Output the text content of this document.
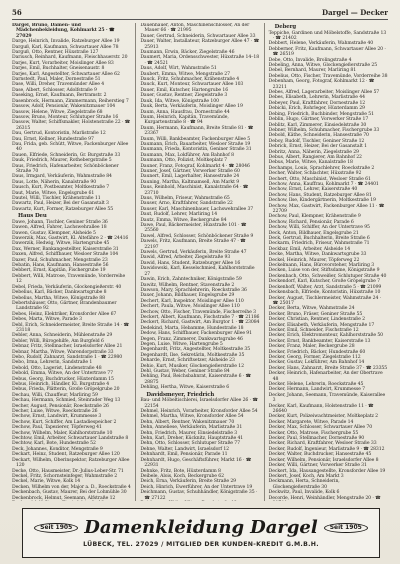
56	Dargel — Decker

Dargel, Bruno, Damen- und Mädchenbekleidung, Kohlmarkt 25 · ☎ 27029

Darge, Heinrich, Invalide, Ratzeburger Allee 19

Darguß, Karl, Kaufmann, Schwartauer Allee 78

Darguß, Otto, Rentner, Hüxstraße 127

Dariusch, Reinhard, Kaufmann, Fleischhauerstr. 20

Darjes, Kurt, Vorarbeiter, Moislinger Allee 83

Darjes, Emil, Buchhalter, Gneisenaustr. 8

Darjes, Karl, Angestellter, Schwartauer Allee 62

Darnstedt, Paul, Maler, Dornestraße 51

Dase, Willi, Dreher, Travemünder Allee 4

Dase, Albert, Schlosser, Adolfstraße 9

Daseking, Ernst, Kaufmann, Bertramstr. 2

Dasenbrock, Hermann, Zimmermann, Reiherstieg 7

Dassow, Adolf, Pensionär, Wakenitzmauer 104

Dassow, Helene, Witwe, Ziegelstraße 68

Dassow, Bruno, Monteur, Schlutuper Straße 16

Dassow, Walter, Schiffsmakler, Holstenstraße 22 · ☎ 26315

Dau, Gertrud, Kontoristin, Marlistraße 12

Dau, Ernst, Kellner, Hundestraße 97

Dau, Frida, geb. Schütt, Witwe, Fackenburger Allee 40

Dauen, Elfriede, Schneiderin, Gr. Burgstraße 33

Dauk, Friedrich, Maurer, Rothebergstraße 5

Daus, Friedrich, Hafenarbeiter, Schönböckener Straße 70

Daus, Irmgard, Verkäuferin, Wahmstraße 84

Daus, Lotte, Näherin, Kanalstraße 90

Dausch, Kurt, Postbeamter, Moltkestraße 7

Daut, Marie, Witwe, Engelsgrube 61

Dautel, Willi, Tischler, Krähenstraße 11

Dawartz, Paul, Heizer, Bei der Gasanstalt 3

Dawartz, Kurt, Former, Ratzeburger Allee 55

Haus Deu

Dawe, Johann, Tischler, Geniner Straße 36

Dawen, Alfred, Fahrer, Lachswehrallee 18

Dawen, Gustav, Klempner, Alsheide 5

Dawerzik, Max, Gastwirt, Kl. Altefähre 2 · ☎ 24416

Dawerzik, Hedwig, Witwe, Hartengrube 45

Dax, Werner, Bankangestellter, Kaiserstraße 31

Daxen, Alfred, Schiffbauer, Wesloer Straße 104

Dazer, Paul, Schuhmacher, Mengstraße 23

Debatin, Hans, Kaufmann, Hansestraße 56

Debbert, Ernst, Kapitän, Fischergrube 19

Debbert, Willi, Matrose, Travemünde, Vorderreihe 12

Debel, Frieda, Verkäuferin, Glockengießerstr. 40

Debelius, Karl, Bäcker, Dankwartsgrube 8

Debelius, Martha, Witwe, Königstraße 88

Debertshäuser, Otto, Gärtner, Brandenbaumer Landstraße 92

Debes, Heinz, Elektriker, Kronsforder Allee 67

Debes, Marta, Witwe, Parade 3

Debl, Erich, Schneidermeister, Breite Straße 14 · ☎ 23118

Debler, Anna, Schneiderin, Mühlenstraße 29

Debler, Willi, Bürogehilfe, Am Burgfeld 6

Debnar, Fritz, Stellmacher, Israelsdorfer Allee 21

Debnar, Martha, Witwe, Warendorpstraße 33

Debo, Rudolf, Zahnarzt, Sandstraße 1 · ☎ 22980

Debo, Irma, Lehrerin, Sandstraße 1

Debold, Otto, Lagerist, Lindenstraße 48

Debold, Emma, Witwe, An der Untertrave 77

Debus, Georg, Buchdrucker, Hüxterdamm 15

Debus, Heinrich, Händler, Kl. Burgstraße 4

Debus, Frieda, Plätterin, Große Gröpelgrube 20

Dechau, Willi, Chauffeur, Marliring 59

Dechau, Hermann, Schmied, Steinrader Weg 13

Decher, August, Pensionär, Roeckstraße 26

Decher, Luise, Witwe, Roeckstraße 26

Dechow, Ernst, Landwirt, Krummesse 3

Dechow, Kurt, Schiffer, Am Lastadiespeicher 2

Dechow, Paul, Tapezierer, Töpferweg 41

Dechow, Wilhelm, Maler, Kahlhorststraße 10

Dechtow, Emil, Arbeiter, Schwartauer Landstraße 8

Dechtow, Karl, Bote, Hundestraße 52

Deck, Johannes, Konditor, Mengstraße 9

Deckart, Heinz, Student, Ratzeburger Allee 120

Deckart, Wilhelm, Oberinspektor, Ratzeburger Allee 120

Decke, Otto, Hausmeister, Dr.-Julius-Leber-Str. 71

Deckel, Fritz, Schornsteinfeger, Wahmstraße 2

Deckel, Marie, Witwe, Kolk 14

Decken, Wilhelm von der, Major a. D., Roeckstraße 4

Deckenbach, Gustav, Maurer, Bei der Lohmühle 30

Deckenbrock, Helmut, Seemann, Alfstraße 12

Dauenhauer, Anton, Maschinenschlosser, An der Mauer 66 · ☎ 21995

Dauer, Gertrud, Schneiderin, Schwartauer Allee 33

Dauer, Walter, Installateur, Ratzeburger Allee 47 · ☎ 25913

Daumann, Erwin, Bäcker, Ziegelstraße 46

Daumert, Maria, Ordensschwester, Hüxstraße 14–18 · ☎ 24521

Daus, Adolf, Wirt, Wahmstraße 51

Daubert, Emma, Witwe, Mengstraße 27

Dauck, Fritz, Schuhmacher, Krähenstraße 4

Dauck, Kurt, Monteur, Schwartauer Allee 103

Dauer, Emil, Kutscher, Hartengrube 16

Dauer, Gustav, Rentner, Ziegelstraße 3

Dauk, Ida, Witwe, Königstraße 100

Dauk, Berta, Verkäuferin, Moislinger Allee 19

Daum, Anna, Hausfrau, Dornestraße 44

Daum, Heinrich, Kapitän, Travemünde, Kurgartenstraße 8 · ☎ 94

Daum, Hermann, Kaufmann, Breite Straße 81 · ☎ 23367

Daum, Willi, Bankbeamter, Fackenburger Allee 5

Daumann, Erich, Bauarbeiter, Wesloer Straße 19

Daumann, Frieda, Kontoristin, Geniner Straße 31

Daumann, Max, Lokführer, Am Bahnhof 8

Daumann, Otto, Polizist, Moltkeplatz 7

Dauner, Franz, Fotograf, Kohlmarkt 4 · ☎ 28046

Dauner, Josef, Gärtner, Vorwerker Straße 60

Daunert, Emil, Lagerhalter, Hansestraße 24

Dauning, Martha, Kaltmamsell, Am Markt 9

Daus, Reinhold, Maschinist, Kanalstraße 64 · ☎ 23710

Daus, Wilhelm, Friseur, Wahmstraße 65

Dauser, Arno, Kraftfahrer, Sandstraße 22

Dauser, Karl, Maschinenbauer, Lachswehrallee 37

Daut, Rudolf, Lehrer, Marliring 14

Dautz, Emma, Witwe, Beckergrube 84

Dawe, Paul, Bäckermeister, Hüxstraße 101 · ☎ 25560

Dawel, Alfred, Schlosser, Schönböckener Straße 9

Dawels, Fritz, Kaufmann, Breite Straße 47 · ☎ 22197

Dawels, Gertrud, Verkäuferin, Breite Straße 47

Dawid, Alfred, Arbeiter, Ziegelstraße 93

Dawid, Hans, Student, Ratzeburger Allee 16

Dawidowski, Karl, Kesselschmied, Kahlhorststraße 27

Dawin, Erich, Zahntechniker, Königstraße 59

Dawitz, Wilhelm, Rentner, Stavenstraße 2

Dawson, Mary, Sprachlehrerin, Roeckstraße 36

Daxer, Johann, Bildhauer, Engelsgrube 29

Dechert, Karl, Inspektor, Moislinger Allee 110

Dechert, Paula, Witwe, Moislinger Allee 110

Dechow, Otto, Fischer, Travemünde, Fischerreihe 3

Deckert, Albert, Kaufmann, Fischstraße 7 · ☎ 21186

Deckert, Richard, Gastwirt, Am Burgtor 1 · ☎ 23084

Dedekind, Marta, Hebamme, Hundestraße 18

Dedow, Hans, Schiffbauer, Fackenburger Allee 91

Degen, Franz, Zimmerer, Dankwartsgrube 46

Degen, Luise, Witwe, Hartengrube 5

Degenhardt, Fritz, Angestellter, Moltkestraße 35

Degenhardt, Ilse, Sekretärin, Moltkestraße 35

Deharde, Ernst, Schriftsetzer, Alsheide 23

Dehio, Kurt, Musiker, Glockengießerstraße 12

Dehl, Gustav, Weber, Geniner Straße 84

Dehling, Paul, Reichsbahnrat, Kaiserstraße 6 · ☎ 28875

Dehling, Hertha, Witwe, Kaiserstraße 6

Davidsmeyer, Friedrich

Bau- und Möbeltischlerei, Israelsdorfer Allee 26 · ☎ 22154

Dehmel, Heinrich, Vorarbeiter, Kronsforder Allee 54

Dehmel, Martha, Witwe, Kronsforder Allee 54

Dehn, Albert, Rentner, Wakenitzmauer 70

Dehn, Anneliese, Verkäuferin, Marlistraße 31

Dehn, Friedrich, Maurer, Einsiedelstraße 3

Dehn, Karl, Dreher, Kücknitz, Hauptstraße 41

Dehn, Otto, Schlosser, Schlutuper Straße 77

Dehne, Walter, Landwirt, Israelsdorf 12

Dehnhardt, Emil, Pensionär, Parade 11

Dehnhardt, Hugo, Geschäftsführer, Markt 16 · ☎ 22931

Dehnke, Fritz, Bote, Hüxterdamm 8

Deibele, Alois, Koch, Beckergrube 62

Deich, Erna, Verkäuferin, Breite Straße 29

Deich, Hinrich, Ewerführer, An der Untertrave 19

Deichmann, Gustav, Schuhhändler, Königstraße 35 · ☎ 27122

Deberg

Teppiche, Gardinen und Möbelstoffe, Sandstraße 13 · ☎ 21402

Debbert, Helene, Verkäuferin, Wahmstraße 40

Debberner, Fritz, Kaufmann, Schwartauer Allee 20 · ☎ 26519

Debe, Otto, Invalide, Brolingstraße 4

Debeling, Anna, Witwe, Glockengießerstraße 25

Debel, Bernhard, Maurer, Marliring 81

Debelius, Otto, Fischer, Travemünde, Vorderreihe 38

Debenham, Georg, Fotograf, Kohlmarkt 12 · ☎ 23211

Debes, Alfred, Lagerarbeiter, Moislinger Allee 57

Debes, Elisabeth, Lehrerin, Marlistraße 44

Debeyer, Paul, Kraftfahrer, Dornestraße 12

Debicki, Erich, Rohrleger, Hüxterdamm 29

Debing, Friedrich, Buchbinder, Mengstraße 51

Deblin, Hugo, Gärtner, Vorwerker Straße 17

Deblitz, Karl, Zimmerer, Einsiedelstraße 30

Debner, Wilhelm, Schuhmacher, Fischergrube 33

Debold, Käthe, Schneiderin, Hansestraße 70

Deboy, Rudolf, Tischler, Geniner Straße 12

Debrick, Ernst, Heizer, Bei der Gasanstalt 1

Debritz, Anna, Näherin, Ziegelstraße 29

Debus, Albert, Rangierer, Am Bahnhof 22

Debus, Marie, Witwe, Kanalstraße 18

Dechamps, Louis, Sprachlehrer, Roeckstraße 2

Decher, Walter, Schlachter, Hüxstraße 92

Dechert, Otto, Maschinist, Wesloer Straße 61

Dechow, Anna, Kauffrau, Kohlmarkt 7 · ☎ 24401

Dechow, Ernst, Lehrer, Kaiserstraße 40

Dechow, Hans, Student, Ratzeburger Allee 81

Dechow, Ilse, Kindergärtnerin, Moltkestraße 19

Dechow, Max, Gastwirt, Fackenburger Allee 11 · ☎ 22709

Dechow, Paul, Klempner, Krähenstraße 9

Dechow, Richard, Pensionär, Parade 6

Dechow, Willi, Schiffer, An der Untertrave 95

Deck, Anton, Bildhauer, Engelsgrube 21

Deck, Gertrud, Buchhalterin, Breite Straße 6

Deckarm, Friedrich, Friseur, Wahmstraße 71

Deckbar, Emil, Arbeiter, Alsheide 14

Decke, Martha, Witwe, Dankwartsgrube 33

Deckel, Heinrich, Maurer, Töpferweg 22

Deckelmann, Hans, Bürovorsteher, Marliring 3

Decken, Luise von der, Stiftsdame, Königstraße 9

Deckenbach, Otto, Schweißer, Schlutuper Straße 40

Deckendorf, Karl, Kutscher, Große Gröpelgrube 7

Deckenhoff, Walter, Arzt, Sandstraße 5 · ☎ 21099

Deckensbach, Elfriede, Kontoristin, Hüxstraße 10

Decker, August, Tischlermeister, Wahmstraße 24 · ☎ 25017

Decker, Berta, Witwe, Wahmstraße 24

Decker, Bruno, Fräser, Geniner Straße 55

Decker, Christian, Rentner, Lindenstraße 2

Decker, Elisabeth, Verkäuferin, Mengstraße 17

Decker, Emil, Schneider, Fischstraße 12

Decker, Erich, Elektromonteur, Kahlhorststraße 50

Decker, Ernst, Bankbeamter, Kaiserstraße 13

Decker, Franz, Maler, Beckergrube 28

Decker, Friedrich, Bäcker, Hundestraße 60

Decker, Georg, Former, Ziegelstraße 112

Decker, Gustav, Lokführer, Am Bahnhof 14

Decker, Hans, Zahnarzt, Breite Straße 37 · ☎ 23355

Decker, Heinrich, Hafenarbeiter, An der Obertrave 48

Decker, Helene, Lehrerin, Roeckstraße 45

Decker, Hermann, Landwirt, Krummesse 7

Decker, Johann, Seemann, Travemünde, Kaiserallee 3

Decker, Karl, Kaufmann, Holstenstraße 11 · ☎ 26640

Decker, Kurt, Polizeiwachtmeister, Moltkeplatz 2

Decker, Margarete, Witwe, Parade 14

Decker, Max, Schlosser, Schwartauer Allee 70

Decker, Otto, Matrose, Fischergrube 55

Decker, Paul, Stellmacher, Dornestraße 90

Decker, Richard, Kraftfahrer, Wesloer Straße 33

Decker, Rudolf, Ingenieur, Marlistraße 9 · ☎ 28312

Decker, Walter, Buchdrucker, Hansestraße 45

Decker, Wilhelm, Pensionär, Israelsdorfer Allee 8

Decker, Willi, Gärtner, Vorwerker Straße 31

Deckert, Ida, Hausangestellte, Kronsforder Allee 19

Deckert, Josef, Koch, Am Markt 3

Deckmann, Herta, Schneiderin, Glockengießerstraße 30

Deckwitz, Paul, Invalide, Kolk 6

Decorde, Henri, Weinhändler, Mengstraße 20 · ☎

Seit 1905 Damenkleidung Dargel	Seit 1905
LÜBECK, TEL. 27029 / MITGLIED DER KUNDEN-KREDIT G.M.B.H.
